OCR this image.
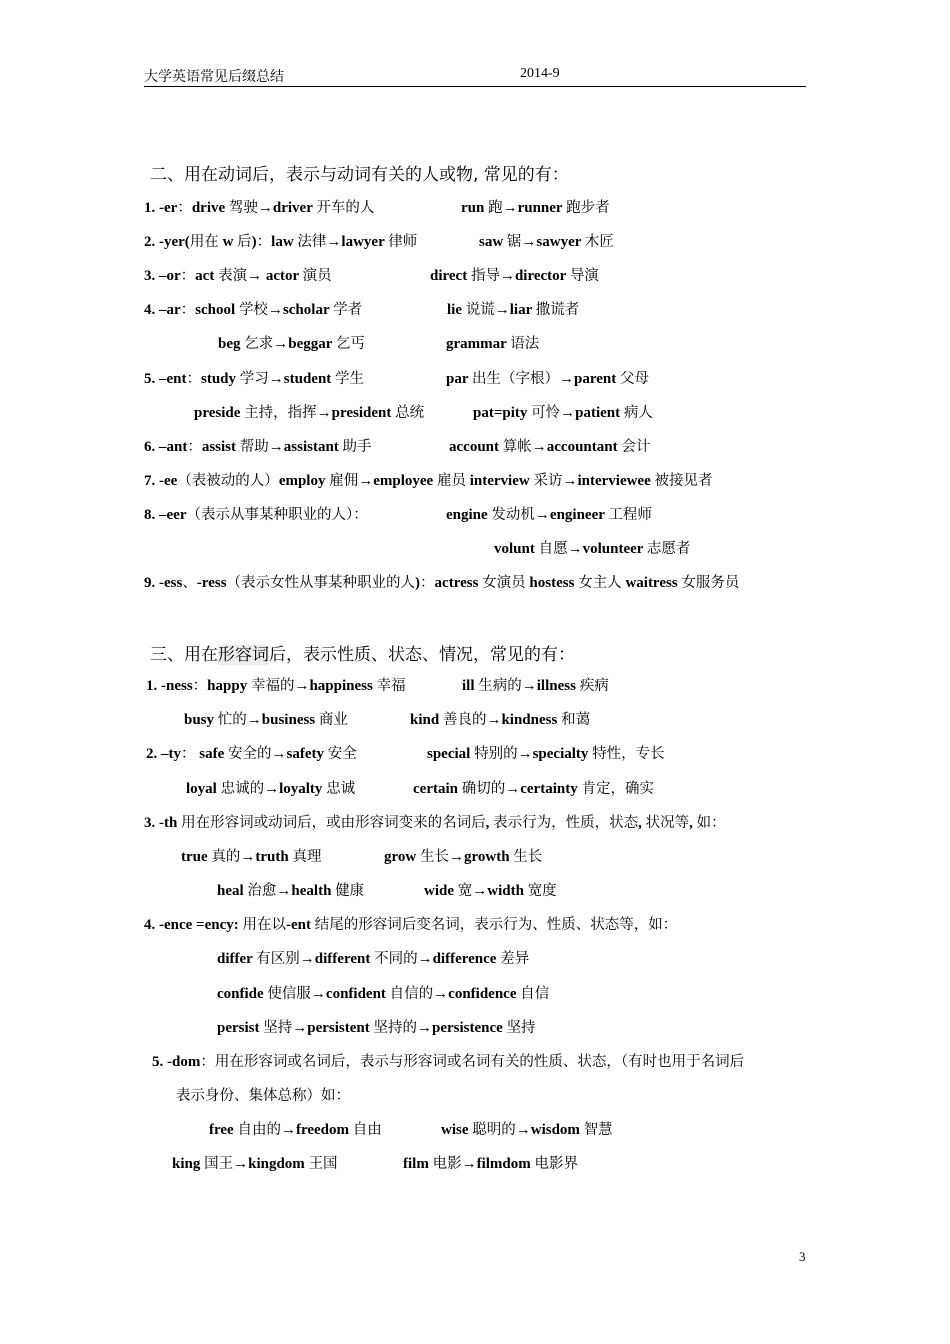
大学英语常见后缀总结	2014-9
二、用在动词后，表示与动词有关的人或物, 常见的有：
1. -er：drive 驾驶→driver 开车的人	run 跑→runner 跑步者
2. -yer(用在 w 后)：law 法律→lawyer 律师	saw 锯→sawyer 木匠
3. –or：act 表演→ actor 演员	direct 指导→director 导演
4. –ar：school 学校→scholar 学者	lie 说谎→liar 撒谎者
beg 乞求→beggar 乞丐	grammar 语法
5. –ent：study 学习→student 学生	par 出生（字根）→parent 父母
preside 主持，指挥→president 总统	pat=pity 可怜→patient 病人
6. –ant：assist 帮助→assistant 助手	account 算帐→accountant 会计
7. -ee（表被动的人）employ 雇佣→employee 雇员 interview 采访→interviewee 被接见者
8. –eer（表示从事某种职业的人）：	engine 发动机→engineer 工程师
volunt 自愿→volunteer 志愿者
9. -ess、-ress（表示女性从事某种职业的人)：actress 女演员 hostess 女主人 waitress 女服务员
三、用在形容词后，表示性质、状态、情况，常见的有：
1. -ness：happy 幸福的→happiness 幸福	ill 生病的→illness 疾病
busy 忙的→business 商业	kind 善良的→kindness 和蔼
2. –ty： safe 安全的→safety 安全	special 特别的→specialty 特性，专长
loyal 忠诚的→loyalty 忠诚	certain 确切的→certainty 肯定，确实
3. -th 用在形容词或动词后，或由形容词变来的名词后, 表示行为，性质，状态, 状况等, 如：
true 真的→truth 真理	grow 生长→growth 生长
heal 治愈→health 健康	wide 宽→width 宽度
4. -ence =ency: 用在以-ent 结尾的形容词后变名词，表示行为、性质、状态等，如：
differ 有区别→different 不同的→difference 差异
confide 使信服→confident 自信的→confidence 自信
persist 坚持→persistent 坚持的→persistence 坚持
5. -dom：用在形容词或名词后，表示与形容词或名词有关的性质、状态，（有时也用于名词后
表示身份、集体总称）如：
free 自由的→freedom 自由	wise 聪明的→wisdom 智慧
king 国王→kingdom 王国	film 电影→filmdom 电影界
3
